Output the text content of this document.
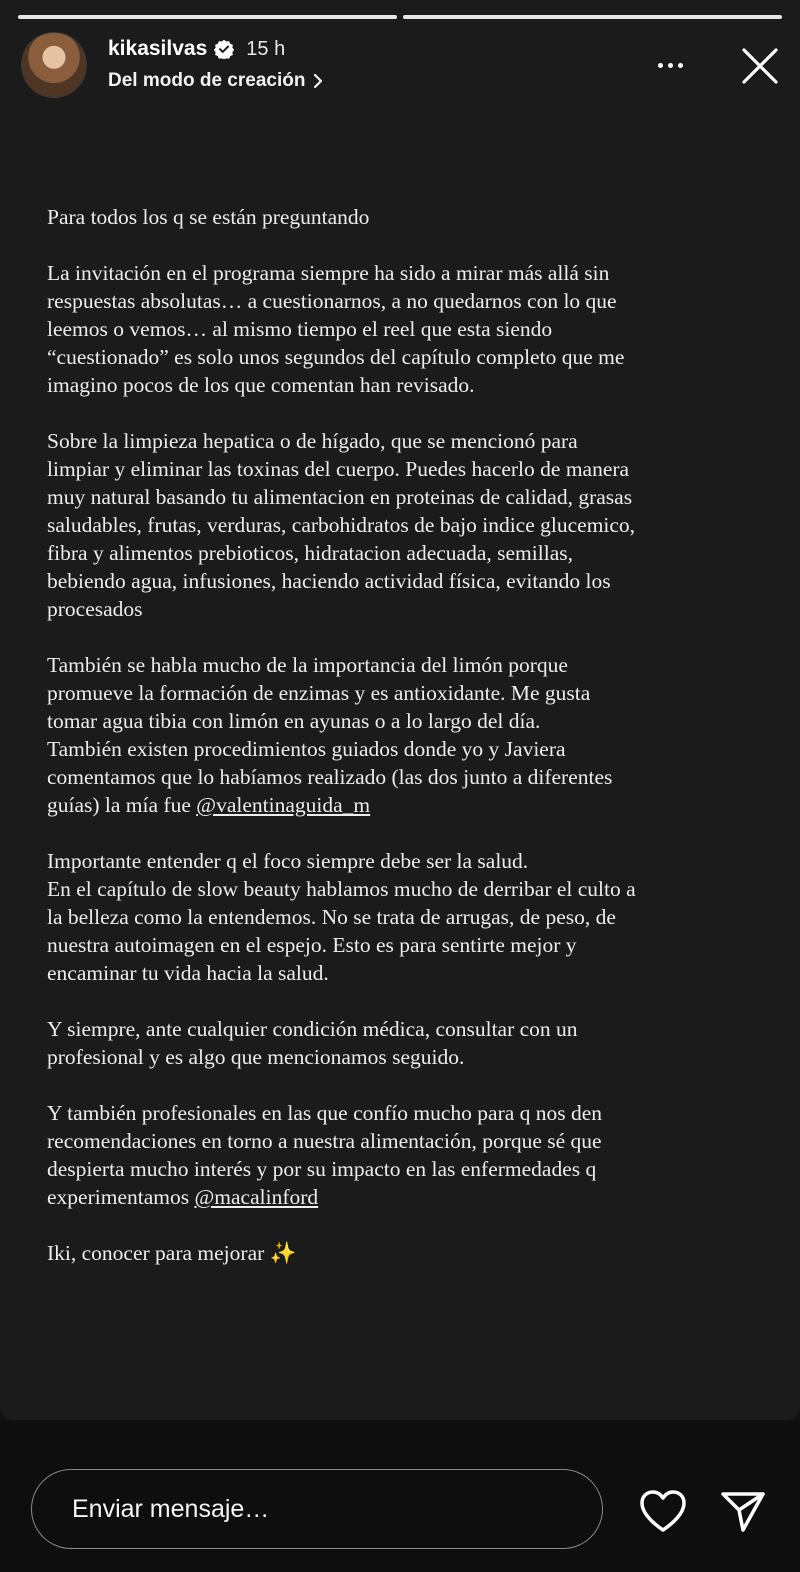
kikasilvas 15 h
Del modo de creación

Para todos los q se están preguntando

La invitación en el programa siempre ha sido a mirar más allá sin
respuestas absolutas… a cuestionarnos, a no quedarnos con lo que
leemos o vemos… al mismo tiempo el reel que esta siendo
“cuestionado” es solo unos segundos del capítulo completo que me
imagino pocos de los que comentan han revisado.

Sobre la limpieza hepatica o de hígado, que se mencionó para
limpiar y eliminar las toxinas del cuerpo. Puedes hacerlo de manera
muy natural basando tu alimentacion en proteinas de calidad, grasas
saludables, frutas, verduras, carbohidratos de bajo indice glucemico,
fibra y alimentos prebioticos, hidratacion adecuada, semillas,
bebiendo agua, infusiones, haciendo actividad física, evitando los
procesados

También se habla mucho de la importancia del limón porque
promueve la formación de enzimas y es antioxidante. Me gusta
tomar agua tibia con limón en ayunas o a lo largo del día.
También existen procedimientos guiados donde yo y Javiera
comentamos que lo habíamos realizado (las dos junto a diferentes
guías) la mía fue @valentinaguida_m

Importante entender q el foco siempre debe ser la salud.
En el capítulo de slow beauty hablamos mucho de derribar el culto a
la belleza como la entendemos. No se trata de arrugas, de peso, de
nuestra autoimagen en el espejo. Esto es para sentirte mejor y
encaminar tu vida hacia la salud.

Y siempre, ante cualquier condición médica, consultar con un
profesional y es algo que mencionamos seguido.

Y también profesionales en las que confío mucho para q nos den
recomendaciones en torno a nuestra alimentación, porque sé que
despierta mucho interés y por su impacto en las enfermedades q
experimentamos @macalinford

Iki, conocer para mejorar ✨

Enviar mensaje…
